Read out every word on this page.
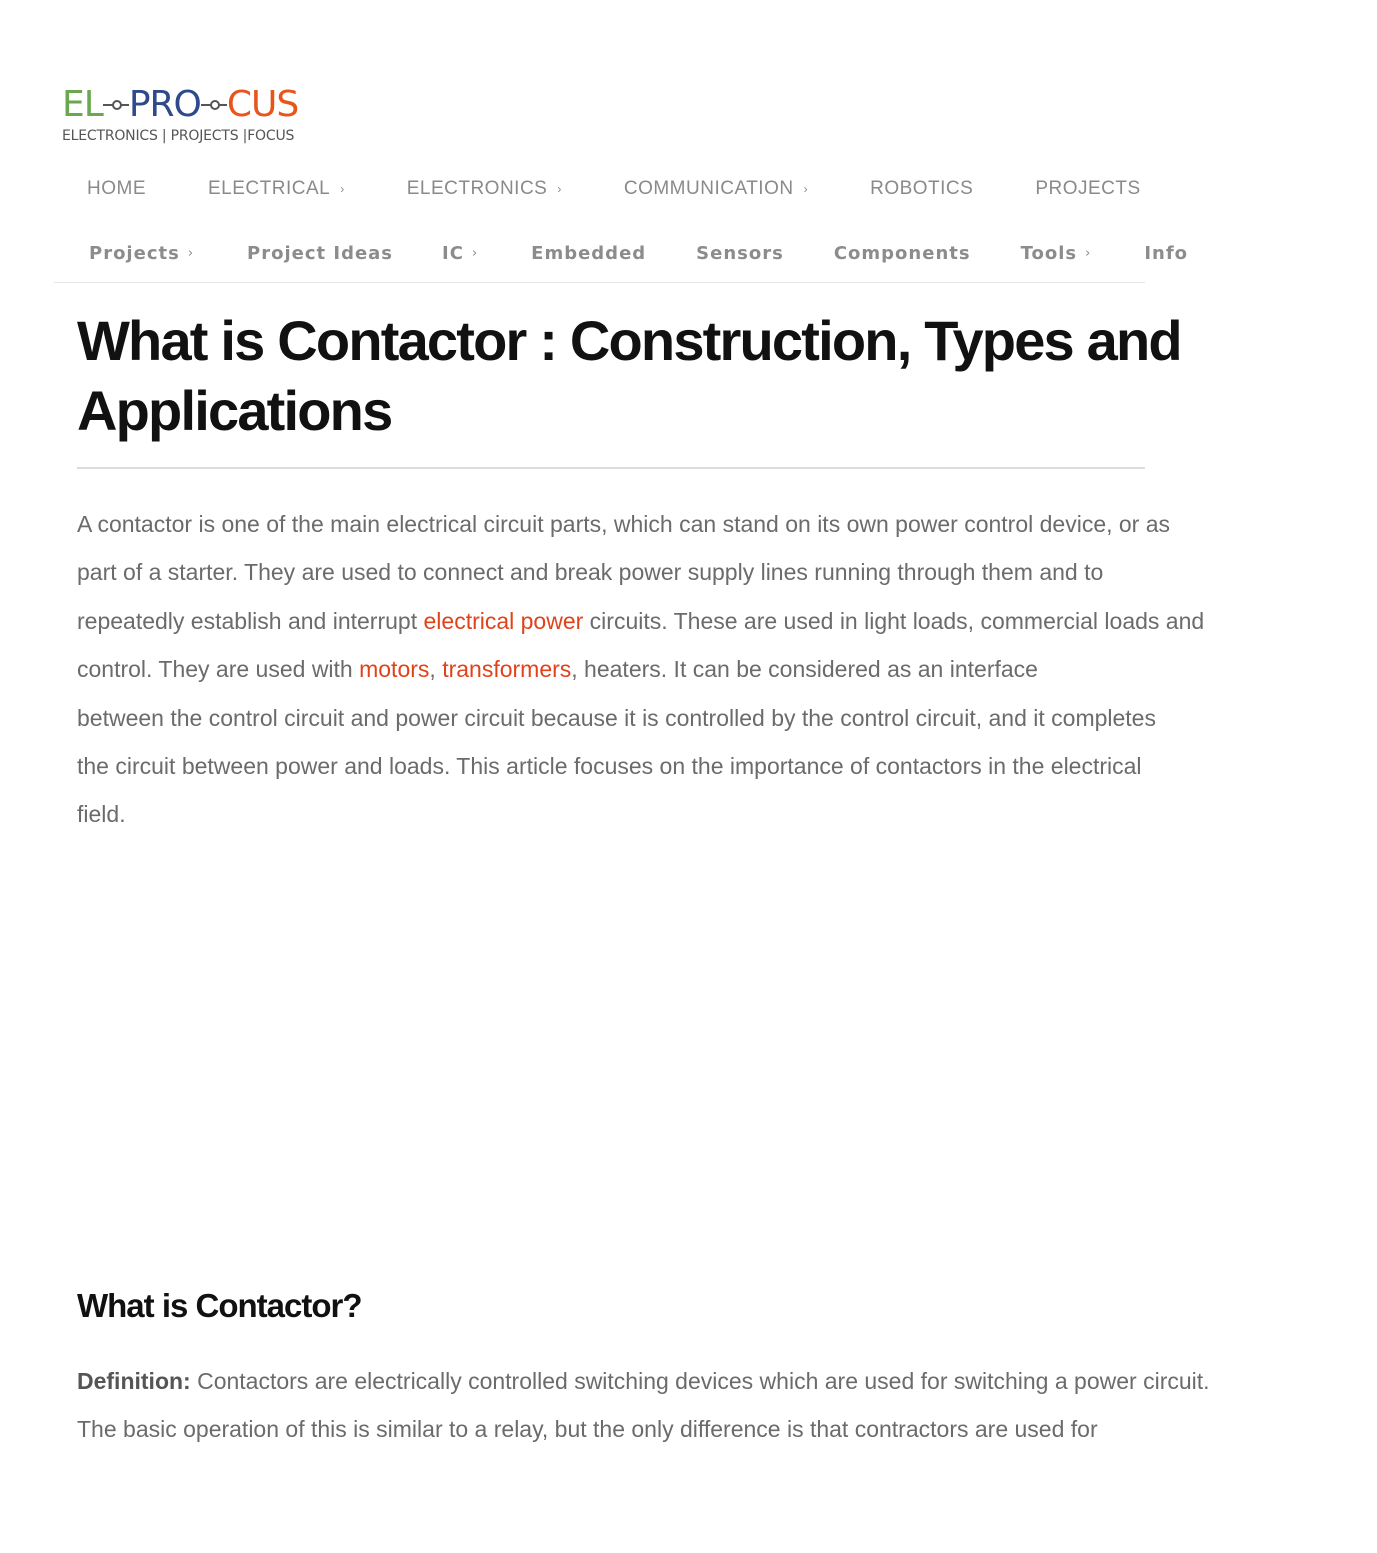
EL PRO CUS
ELECTRONICS | PROJECTS |FOCUS
HOME	ELECTRICAL ›	ELECTRONICS ›	COMMUNICATION ›	ROBOTICS	PROJECTS
Projects ›	Project Ideas	IC ›	Embedded	Sensors	Components	Tools ›	Info
What is Contactor : Construction, Types and
Applications

A contactor is one of the main electrical circuit parts, which can stand on its own power control device, or as
part of a starter. They are used to connect and break power supply lines running through them and to
repeatedly establish and interrupt electrical power circuits. These are used in light loads, commercial loads and
control. They are used with motors, transformers, heaters. It can be considered as an interface
between the control circuit and power circuit because it is controlled by the control circuit, and it completes
the circuit between power and loads. This article focuses on the importance of contactors in the electrical
field.

What is Contactor?

Definition: Contactors are electrically controlled switching devices which are used for switching a power circuit.
The basic operation of this is similar to a relay, but the only difference is that contractors are used for
